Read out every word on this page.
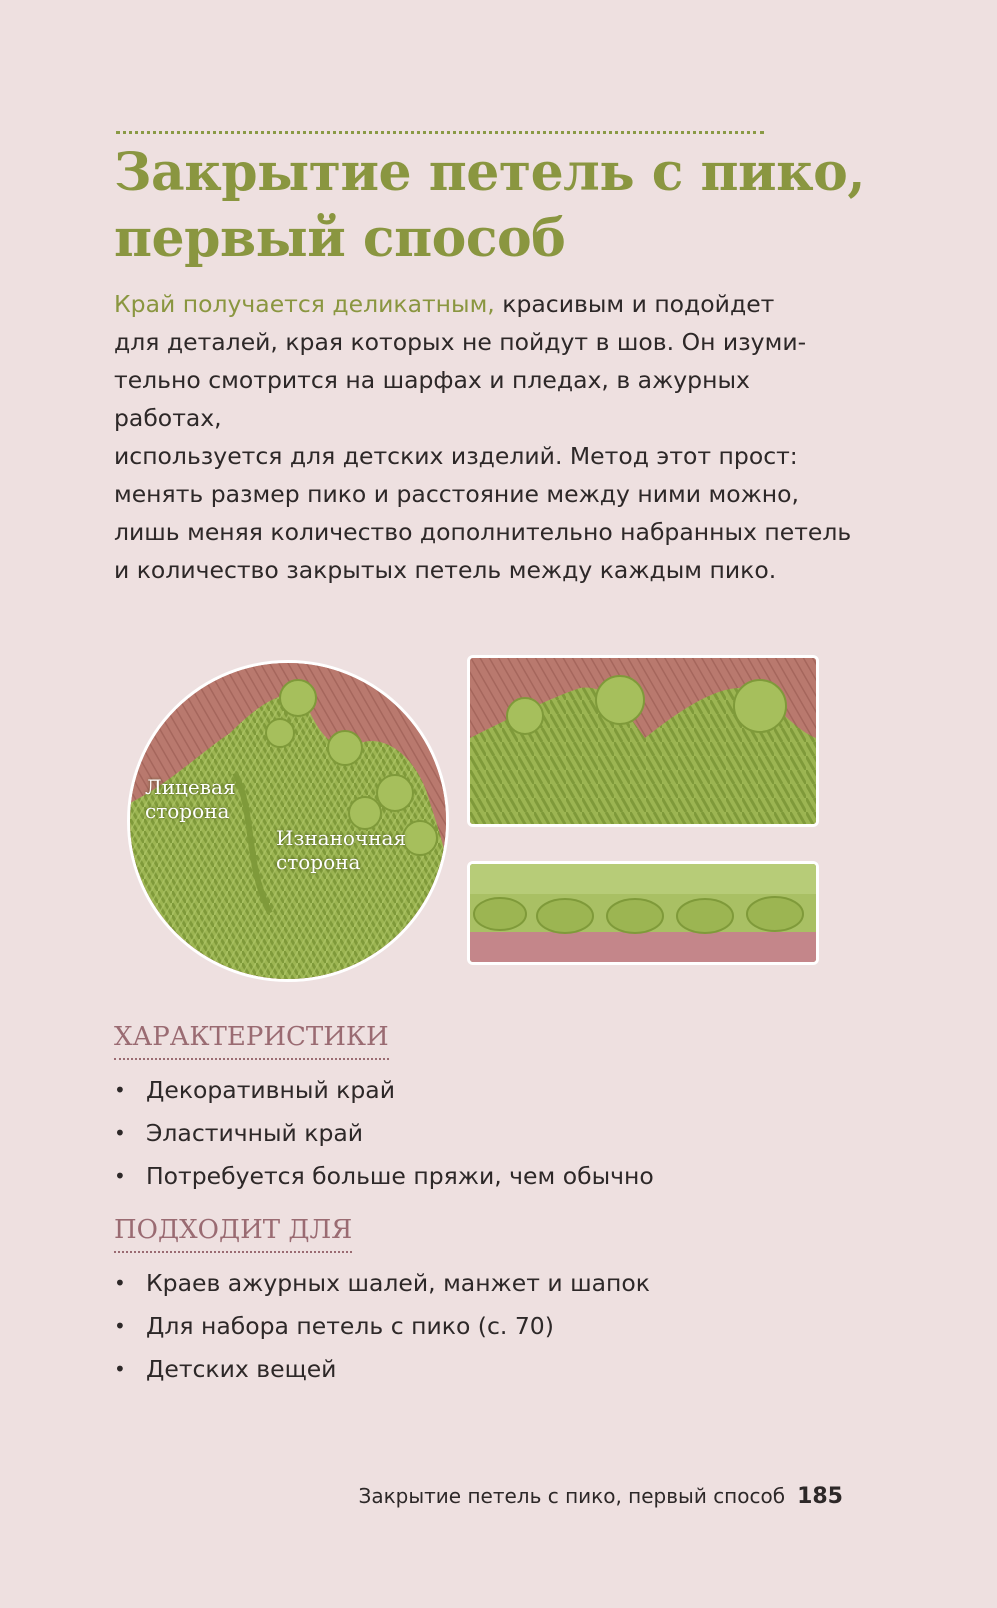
Закрытие петель с пико,
первый способ

Край получается деликатным, красивым и подойдет
для деталей, края которых не пойдут в шов. Он изуми-
тельно смотрится на шарфах и пледах, в ажурных работах,
используется для детских изделий. Метод этот прост:
менять размер пико и расстояние между ними можно,
лишь меняя количество дополнительно набранных петель
и количество закрытых петель между каждым пико.

Лицевая
сторона
Изнаночная
сторона
ХАРАКТЕРИСТИКИ
• Декоративный край
• Эластичный край
• Потребуется больше пряжи, чем обычно
ПОДХОДИТ ДЛЯ
• Краев ажурных шалей, манжет и шапок
• Для набора петель с пико (с. 70)
• Детских вещей
Закрытие петель с пико, первый способ 185
